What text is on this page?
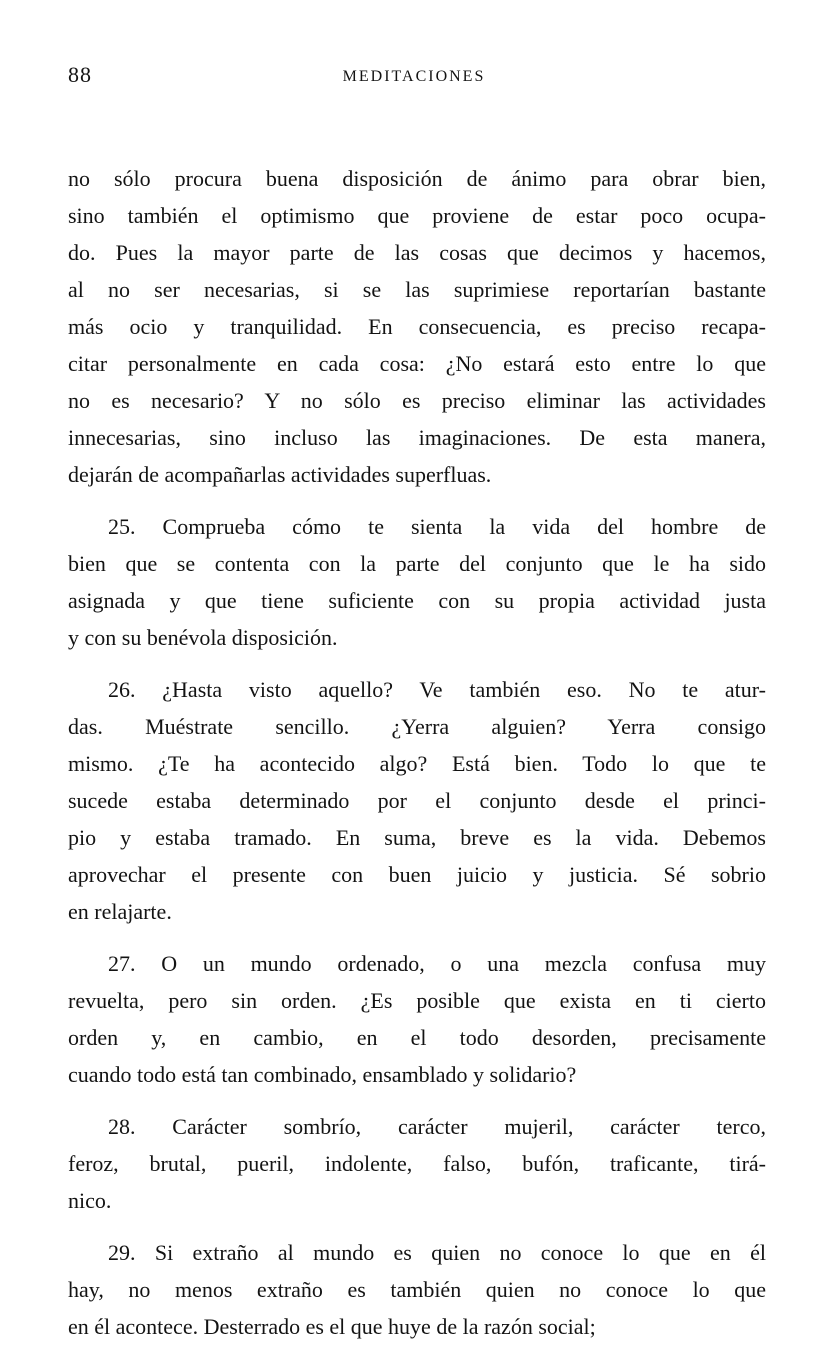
88	MEDITACIONES
no sólo procura buena disposición de ánimo para obrar bien,
sino también el optimismo que proviene de estar poco ocupa-
do. Pues la mayor parte de las cosas que decimos y hacemos,
al no ser necesarias, si se las suprimiese reportarían bastante
más ocio y tranquilidad. En consecuencia, es preciso recapa-
citar personalmente en cada cosa: ¿No estará esto entre lo que
no es necesario? Y no sólo es preciso eliminar las actividades
innecesarias, sino incluso las imaginaciones. De esta manera,
dejarán de acompañarlas actividades superfluas.
25. Comprueba cómo te sienta la vida del hombre de
bien que se contenta con la parte del conjunto que le ha sido
asignada y que tiene suficiente con su propia actividad justa
y con su benévola disposición.
26. ¿Hasta visto aquello? Ve también eso. No te atur-
das. Muéstrate sencillo. ¿Yerra alguien? Yerra consigo
mismo. ¿Te ha acontecido algo? Está bien. Todo lo que te
sucede estaba determinado por el conjunto desde el princi-
pio y estaba tramado. En suma, breve es la vida. Debemos
aprovechar el presente con buen juicio y justicia. Sé sobrio
en relajarte.
27. O un mundo ordenado, o una mezcla confusa muy
revuelta, pero sin orden. ¿Es posible que exista en ti cierto
orden y, en cambio, en el todo desorden, precisamente
cuando todo está tan combinado, ensamblado y solidario?
28. Carácter sombrío, carácter mujeril, carácter terco,
feroz, brutal, pueril, indolente, falso, bufón, traficante, tirá-
nico.
29. Si extraño al mundo es quien no conoce lo que en él
hay, no menos extraño es también quien no conoce lo que
en él acontece. Desterrado es el que huye de la razón social;
